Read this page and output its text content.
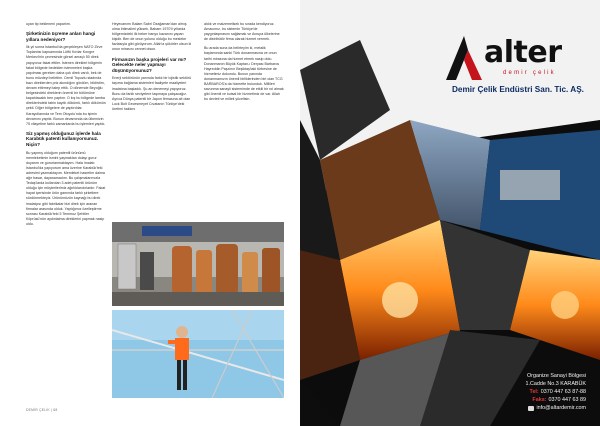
uyan tip bekleneni yaparlım.

Şirketinizin üçreme anları hangi yıllara nedeniyor?

İlk yıl sonra İstanbul'da gerçekleşen NATO Zirve Toplantısı kapsamında Lütfü Kırdar Kongre Merkezi'nin çevresinde görsel amaçlı 50 direk yapıyoruz fakat ettiler. İstenen direkleri bölgenin fakat bölgede bedelden istenmeleri başka yapılması gereken daha çok direk vardı, bek de bunu müzdeyi belirttim. Cemil Topuzlu stadında bazı direklerden priz akındığını gördüm, bildirdim, devam ettirmeyi talep ettik. O dönemde Beyoğlu belgesindeki direklerin önemli bir bölümüne kapatılacaktı ben yaptım. O kış bu bölgede lamba direklerindeki tabin kayıtlı dökümü, farklı dökümün çekti. Diğer bölgelere de yaptırdılar. Karayollarında ve Tem Otoyolu'nda bu işimin devamını yaptık. Bunun devamında da ülkemizin 75 vilayetine farklı zamanlarda bu işlemleri yaptık.

Siz yapmış olduğunuz işlerde hala Karabük patenti kullanıyorsunuz. Niçin?

Bu yapmış olduğum patentli ürünümü memleketimin ismini yaşmaktan dolayı gurur duyarım ve gururlanmaktayım. Hala imalatı İstanbul'da yapıyorum ama üzerine Karabük'teki adresimi yazmaktayım. Memleket hasretim daima ağır basar, dayanamadım. Bu çalışmalarımızla Tedaş'larda kullanılan 3 adet patentli ürünüm olduğu için müşterilerimiz ağırlıklarıdırlardır. Fakat hayat içerisinde ürün gamında farklı şirketlere sürdürmekteyiz. Ürünümüzün kaynağı bu direk imalatçısı gibi fabrikalar bizi direk için aranan firmalar arasında olduk. Yaptığımız özelleştirme sonrası Karabük'teki 5 Temmuz Şehitler Köprüsü'nün aydınlatma direklerini yapmak nasip oldu.

Heyecanımı Balam Sabri Özağaman'dan almış olma ihtimalimi yüksek. Babam 1970'li yıllarda bölgemizdeki ilk beker banyo kazanını yapan kişidir. Ben de onun yolunu olduğu bu mesleke fazlasıyla gibi görüyorum. Allah'a şükürler olsun ki onun mirasını cennet olsun.

Firmanızın başka projeleri var mı? Gelecekte neler yapmayı düşünüyorsunuz?

Enerji sektörünün yanında farklı bir lojistik sektörü taşıma bağlama sistemleri faaliyete maaliyeleri imalatına başladık. Şu an denemeyi yapıyoruz. Bunu da farklı seviyelere taşımaya çalışacağız. Ayrıca Dünya patentli bir Japon firmasına ait olan Lock Bolt Gecesmeyet Cıvatanın Türkiye'deki üretimi hakkını

aldık ve malzemelisek bu sırada kendiyoruz. Amacımız, bu sistemin Türkiye'de yaygınlaşmasını sağlamak ve Avrupa ülkelerine de distribütör firma olarak hizmet vermek.

Bu arada suna da belirteyim ki, metalik başlamında sanki Türk donanmasına ve onun tarihi mirasına da hizmet etmek nasip oldu. Donanmanın Büyük Kaptan-ı Deryası Barbaros Hayreddin Paşa'nın Beşiktaş'taki türbesine de hizmetimiz dokundu. Bunun yanında donanmamızın önemli birliklerinden biri olan TCG BARBAROS'a da hizmette bulunduk. Millileri savunma sanayii sistemimde de etkili bir rol almak gibi önemli ve kutsal bir hizmetimiz de var. Allah bu devleti ve milleti yüceltsin.

DEMİR ÇELİK | 68
alter
demir çelik
Demir Çelik Endüstri San. Tic. AŞ.
Organize Sanayi Bölgesi
1.Cadde No.3 KARABÜK
Tel: 0370 447 63 87-88
Faks: 0370 447 63 89
info@altardemir.com
